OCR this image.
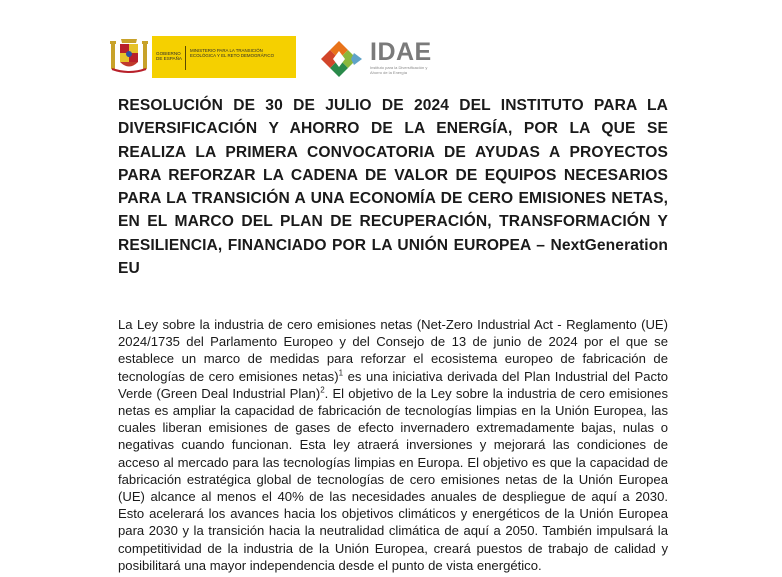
GOBIERNO DE ESPAÑA
MINISTERIO PARA LA TRANSICIÓN ECOLÓGICA Y EL RETO DEMOGRÁFICO	IDAE
Instituto para la Diversificación y Ahorro de la Energía
RESOLUCIÓN DE 30 DE JULIO DE 2024 DEL INSTITUTO PARA LA DIVERSIFICACIÓN Y AHORRO DE LA ENERGÍA, POR LA QUE SE REALIZA LA PRIMERA CONVOCATORIA DE AYUDAS A PROYECTOS PARA REFORZAR LA CADENA DE VALOR DE EQUIPOS NECESARIOS PARA LA TRANSICIÓN A UNA ECONOMÍA DE CERO EMISIONES NETAS, EN EL MARCO DEL PLAN DE RECUPERACIÓN, TRANSFORMACIÓN Y RESILIENCIA, FINANCIADO POR LA UNIÓN EUROPEA – NextGeneration EU

La Ley sobre la industria de cero emisiones netas (Net-Zero Industrial Act - Reglamento (UE) 2024/1735 del Parlamento Europeo y del Consejo de 13 de junio de 2024 por el que se establece un marco de medidas para reforzar el ecosistema europeo de fabricación de tecnologías de cero emisiones netas)$^1$ es una iniciativa derivada del Plan Industrial del Pacto Verde (Green Deal Industrial Plan)$^2$. El objetivo de la Ley sobre la industria de cero emisiones netas es ampliar la capacidad de fabricación de tecnologías limpias en la Unión Europea, las cuales liberan emisiones de gases de efecto invernadero extremadamente bajas, nulas o negativas cuando funcionan. Esta ley atraerá inversiones y mejorará las condiciones de acceso al mercado para las tecnologías limpias en Europa. El objetivo es que la capacidad de fabricación estratégica global de tecnologías de cero emisiones netas de la Unión Europea (UE) alcance al menos el 40% de las necesidades anuales de despliegue de aquí a 2030. Esto acelerará los avances hacia los objetivos climáticos y energéticos de la Unión Europea para 2030 y la transición hacia la neutralidad climática de aquí a 2050. También impulsará la competitividad de la industria de la Unión Europea, creará puestos de trabajo de calidad y posibilitará una mayor independencia desde el punto de vista energético.
